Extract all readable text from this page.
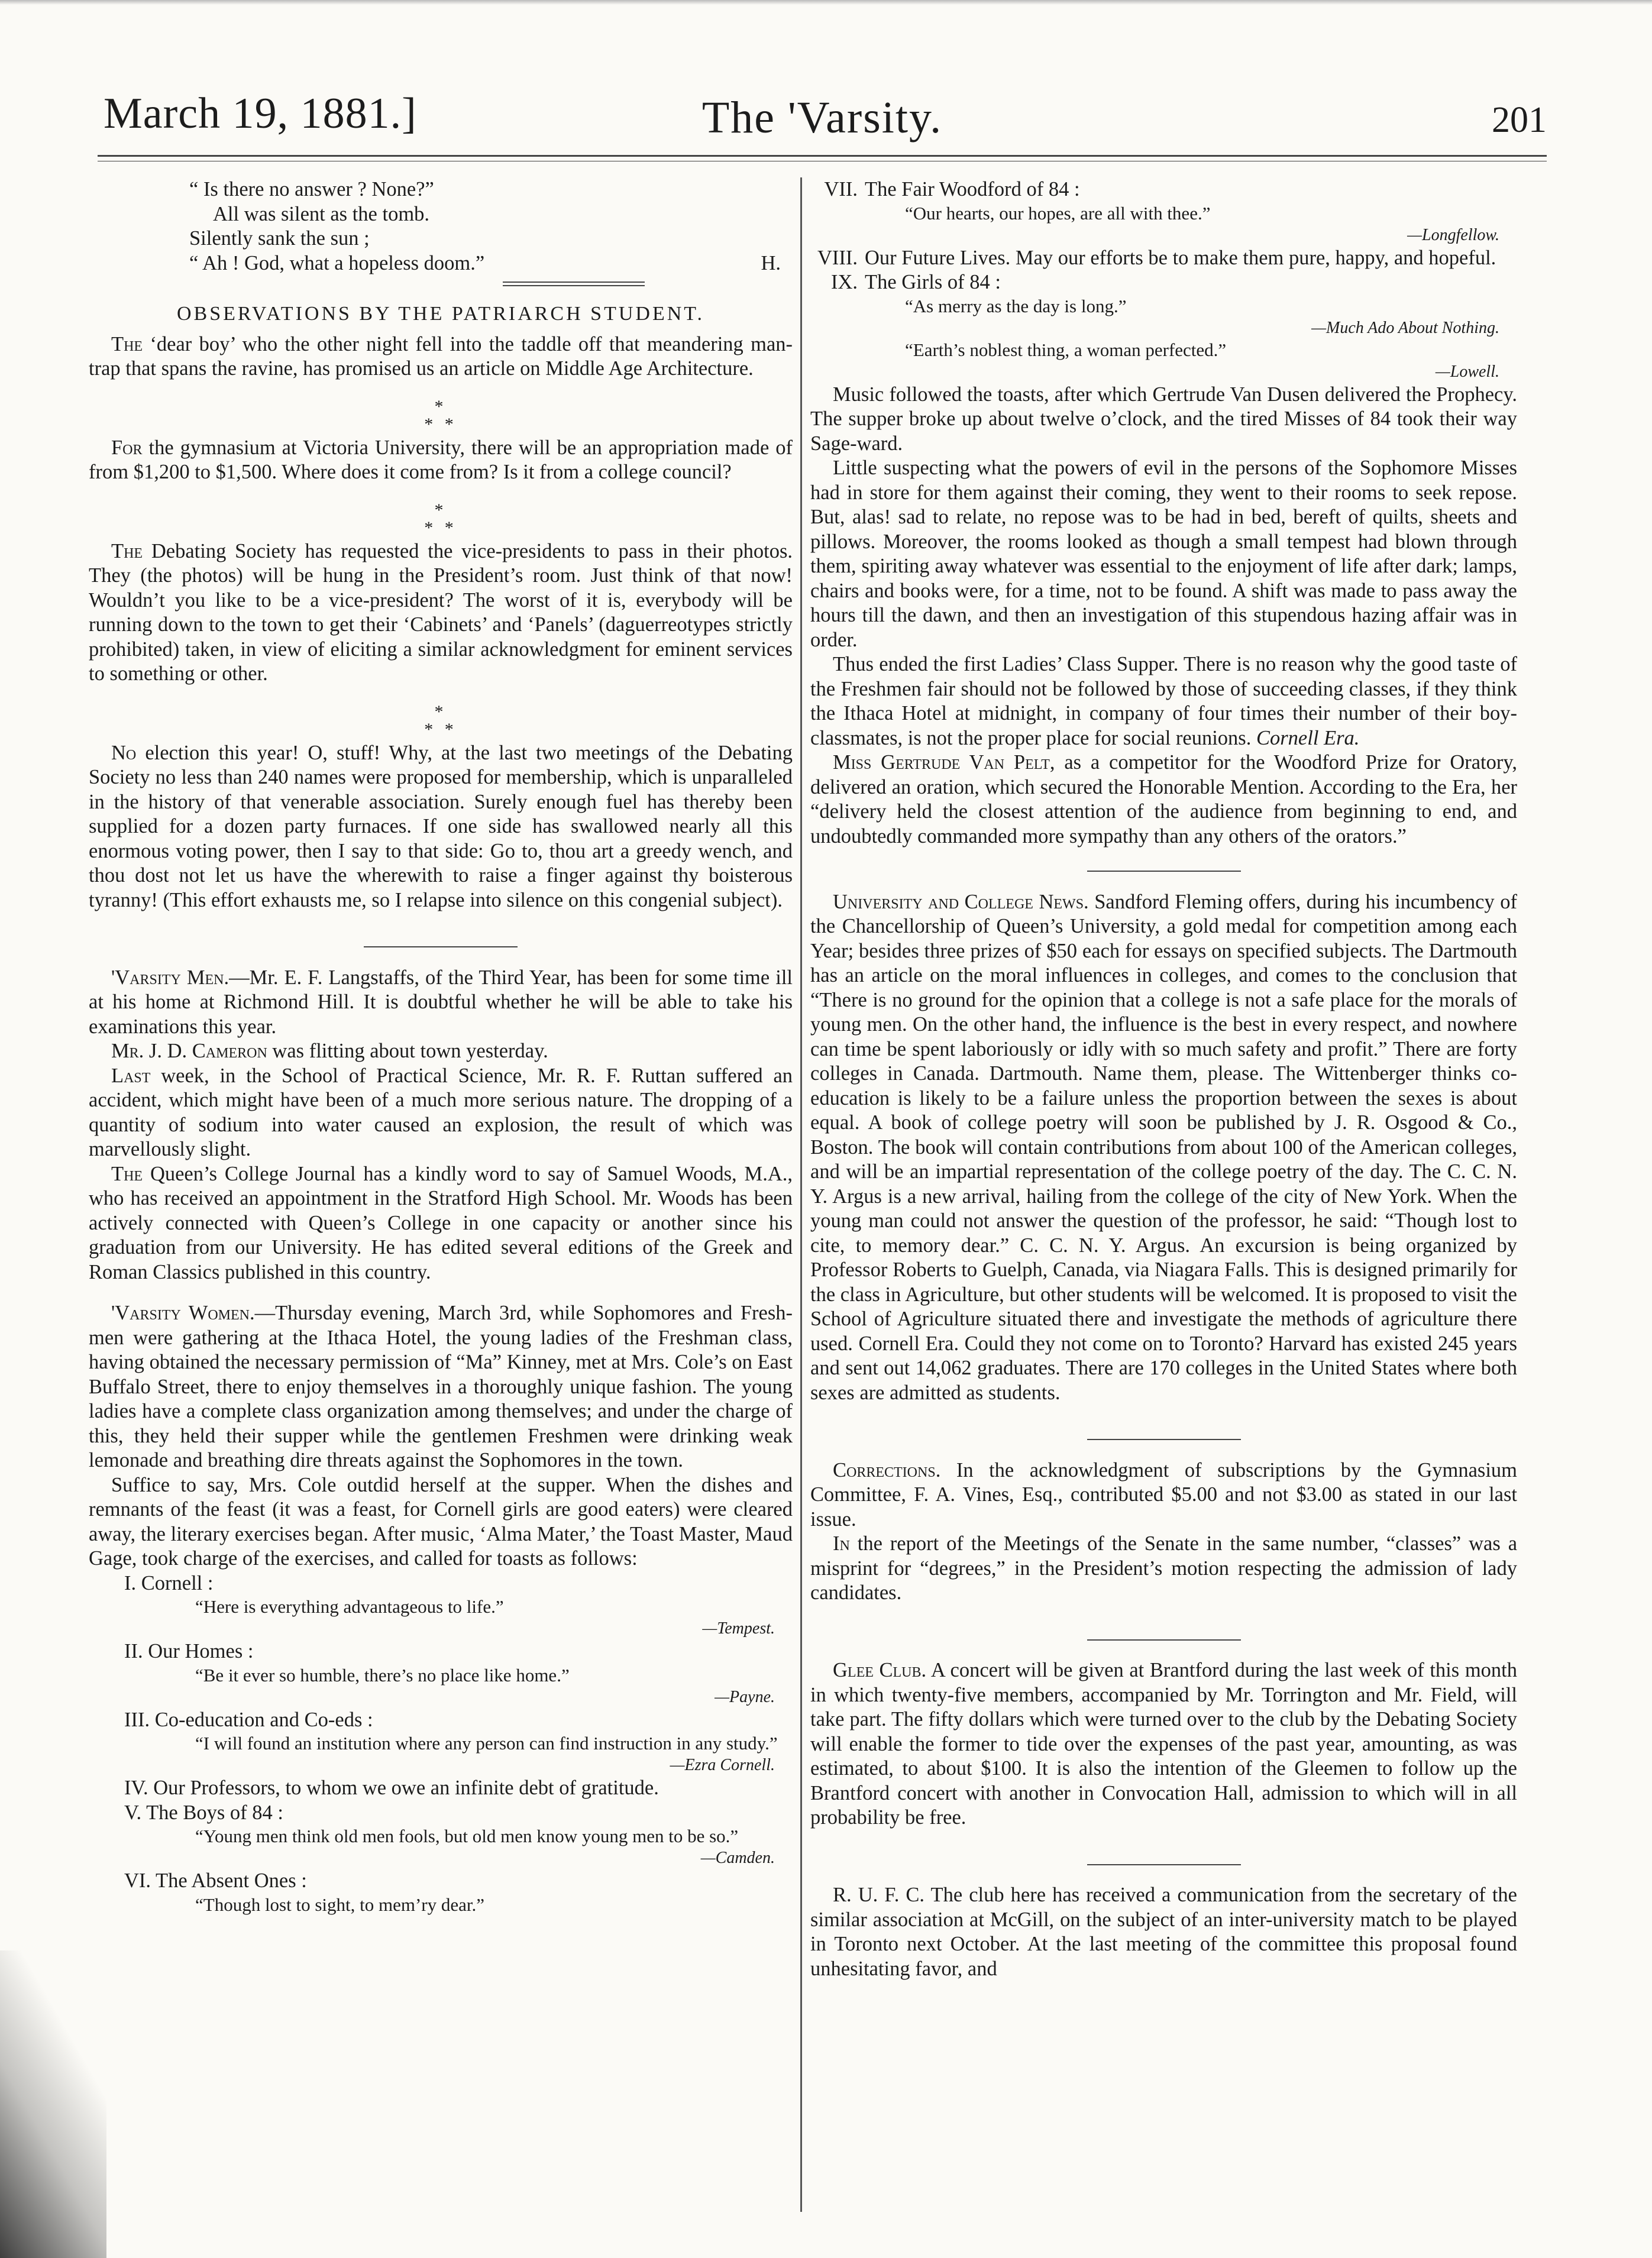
March 19, 1881.]	The 'Varsity.	201
“ Is there no answer ? None?”
All was silent as the tomb.
Silently sank the sun ;
“ Ah ! God, what a hopeless doom.”	H.
OBSERVATIONS BY THE PATRIARCH STUDENT.

The ‘dear boy’ who the other night fell into the taddle off that meandering man-trap that spans the ravine, has promised us an article on Middle Age Architecture.

*
* *

For the gymnasium at Victoria University, there will be an appropriation made of from $1,200 to $1,500. Where does it come from? Is it from a college council?

*
* *

The Debating Society has requested the vice-presidents to pass in their photos. They (the photos) will be hung in the President’s room. Just think of that now! Wouldn’t you like to be a vice-president? The worst of it is, everybody will be running down to the town to get their ‘Cabinets’ and ‘Panels’ (daguerreotypes strictly prohibited) taken, in view of eliciting a similar acknowledgment for eminent services to something or other.

*
* *

No election this year! O, stuff! Why, at the last two meetings of the Debating Society no less than 240 names were proposed for membership, which is unparalleled in the history of that venerable association. Surely enough fuel has thereby been supplied for a dozen party furnaces. If one side has swallowed nearly all this enormous voting power, then I say to that side: Go to, thou art a greedy wench, and thou dost not let us have the wherewith to raise a finger against thy boisterous tyranny! (This effort exhausts me, so I relapse into silence on this congenial subject).

'Varsity Men.—Mr. E. F. Langstaffs, of the Third Year, has been for some time ill at his home at Richmond Hill. It is doubtful whether he will be able to take his examinations this year.

Mr. J. D. Cameron was flitting about town yesterday.

Last week, in the School of Practical Science, Mr. R. F. Ruttan suffered an accident, which might have been of a much more serious nature. The dropping of a quantity of sodium into water caused an explosion, the result of which was marvellously slight.

The Queen’s College Journal has a kindly word to say of Samuel Woods, M.A., who has received an appointment in the Stratford High School. Mr. Woods has been actively connected with Queen’s College in one capacity or another since his graduation from our University. He has edited several editions of the Greek and Roman Classics published in this country.

'Varsity Women.—Thursday evening, March 3rd, while Sophomores and Fresh-men were gathering at the Ithaca Hotel, the young ladies of the Freshman class, having obtained the necessary permission of “Ma” Kinney, met at Mrs. Cole’s on East Buffalo Street, there to enjoy themselves in a thoroughly unique fashion. The young ladies have a complete class organization among themselves; and under the charge of this, they held their supper while the gentlemen Freshmen were drinking weak lemonade and breathing dire threats against the Sophomores in the town.

Suffice to say, Mrs. Cole outdid herself at the supper. When the dishes and remnants of the feast (it was a feast, for Cornell girls are good eaters) were cleared away, the literary exercises began. After music, ‘Alma Mater,’ the Toast Master, Maud Gage, took charge of the exercises, and called for toasts as follows:

I. Cornell :
“Here is everything advantageous to life.”
—Tempest.
II. Our Homes :
“Be it ever so humble, there’s no place like home.”
—Payne.
III. Co-education and Co-eds :
“I will found an institution where any person can find instruction in any study.”
—Ezra Cornell.
IV. Our Professors, to whom we owe an infinite debt of gratitude.
V. The Boys of 84 :
“Young men think old men fools, but old men know young men to be so.”
—Camden.
VI. The Absent Ones :
“Though lost to sight, to mem’ry dear.”
VII. The Fair Woodford of 84 :
“Our hearts, our hopes, are all with thee.”
—Longfellow.
VIII. Our Future Lives. May our efforts be to make them pure, happy, and hopeful.
IX. The Girls of 84 :
“As merry as the day is long.”
—Much Ado About Nothing.
“Earth’s noblest thing, a woman perfected.”
—Lowell.

Music followed the toasts, after which Gertrude Van Dusen delivered the Prophecy. The supper broke up about twelve o’clock, and the tired Misses of 84 took their way Sage-ward.

Little suspecting what the powers of evil in the persons of the Sophomore Misses had in store for them against their coming, they went to their rooms to seek repose. But, alas! sad to relate, no repose was to be had in bed, bereft of quilts, sheets and pillows. Moreover, the rooms looked as though a small tempest had blown through them, spiriting away whatever was essential to the enjoyment of life after dark; lamps, chairs and books were, for a time, not to be found. A shift was made to pass away the hours till the dawn, and then an investigation of this stupendous hazing affair was in order.

Thus ended the first Ladies’ Class Supper. There is no reason why the good taste of the Freshmen fair should not be followed by those of succeeding classes, if they think the Ithaca Hotel at midnight, in company of four times their number of their boy-classmates, is not the proper place for social reunions. Cornell Era.

Miss Gertrude Van Pelt, as a competitor for the Woodford Prize for Oratory, delivered an oration, which secured the Honorable Mention. According to the Era, her “delivery held the closest attention of the audience from beginning to end, and undoubtedly commanded more sympathy than any others of the orators.”

University and College News. Sandford Fleming offers, during his incumbency of the Chancellorship of Queen’s University, a gold medal for competition among each Year; besides three prizes of $50 each for essays on specified subjects. The Dartmouth has an article on the moral influences in colleges, and comes to the conclusion that “There is no ground for the opinion that a college is not a safe place for the morals of young men. On the other hand, the influence is the best in every respect, and nowhere can time be spent laboriously or idly with so much safety and profit.” There are forty colleges in Canada. Dartmouth. Name them, please. The Wittenberger thinks co-education is likely to be a failure unless the proportion between the sexes is about equal. A book of college poetry will soon be published by J. R. Osgood & Co., Boston. The book will contain contributions from about 100 of the American colleges, and will be an impartial representation of the college poetry of the day. The C. C. N. Y. Argus is a new arrival, hailing from the college of the city of New York. When the young man could not answer the question of the professor, he said: “Though lost to cite, to memory dear.” C. C. N. Y. Argus. An excursion is being organized by Professor Roberts to Guelph, Canada, via Niagara Falls. This is designed primarily for the class in Agriculture, but other students will be welcomed. It is proposed to visit the School of Agriculture situated there and investigate the methods of agriculture there used. Cornell Era. Could they not come on to Toronto? Harvard has existed 245 years and sent out 14,062 graduates. There are 170 colleges in the United States where both sexes are admitted as students.

Corrections. In the acknowledgment of subscriptions by the Gymnasium Committee, F. A. Vines, Esq., contributed $5.00 and not $3.00 as stated in our last issue.

In the report of the Meetings of the Senate in the same number, “classes” was a misprint for “degrees,” in the President’s motion respecting the admission of lady candidates.

Glee Club. A concert will be given at Brantford during the last week of this month in which twenty-five members, accompanied by Mr. Torrington and Mr. Field, will take part. The fifty dollars which were turned over to the club by the Debating Society will enable the former to tide over the expenses of the past year, amounting, as was estimated, to about $100. It is also the intention of the Gleemen to follow up the Brantford concert with another in Convocation Hall, admission to which will in all probability be free.

R. U. F. C. The club here has received a communication from the secretary of the similar association at McGill, on the subject of an inter-university match to be played in Toronto next October. At the last meeting of the committee this proposal found unhesitating favor, and
